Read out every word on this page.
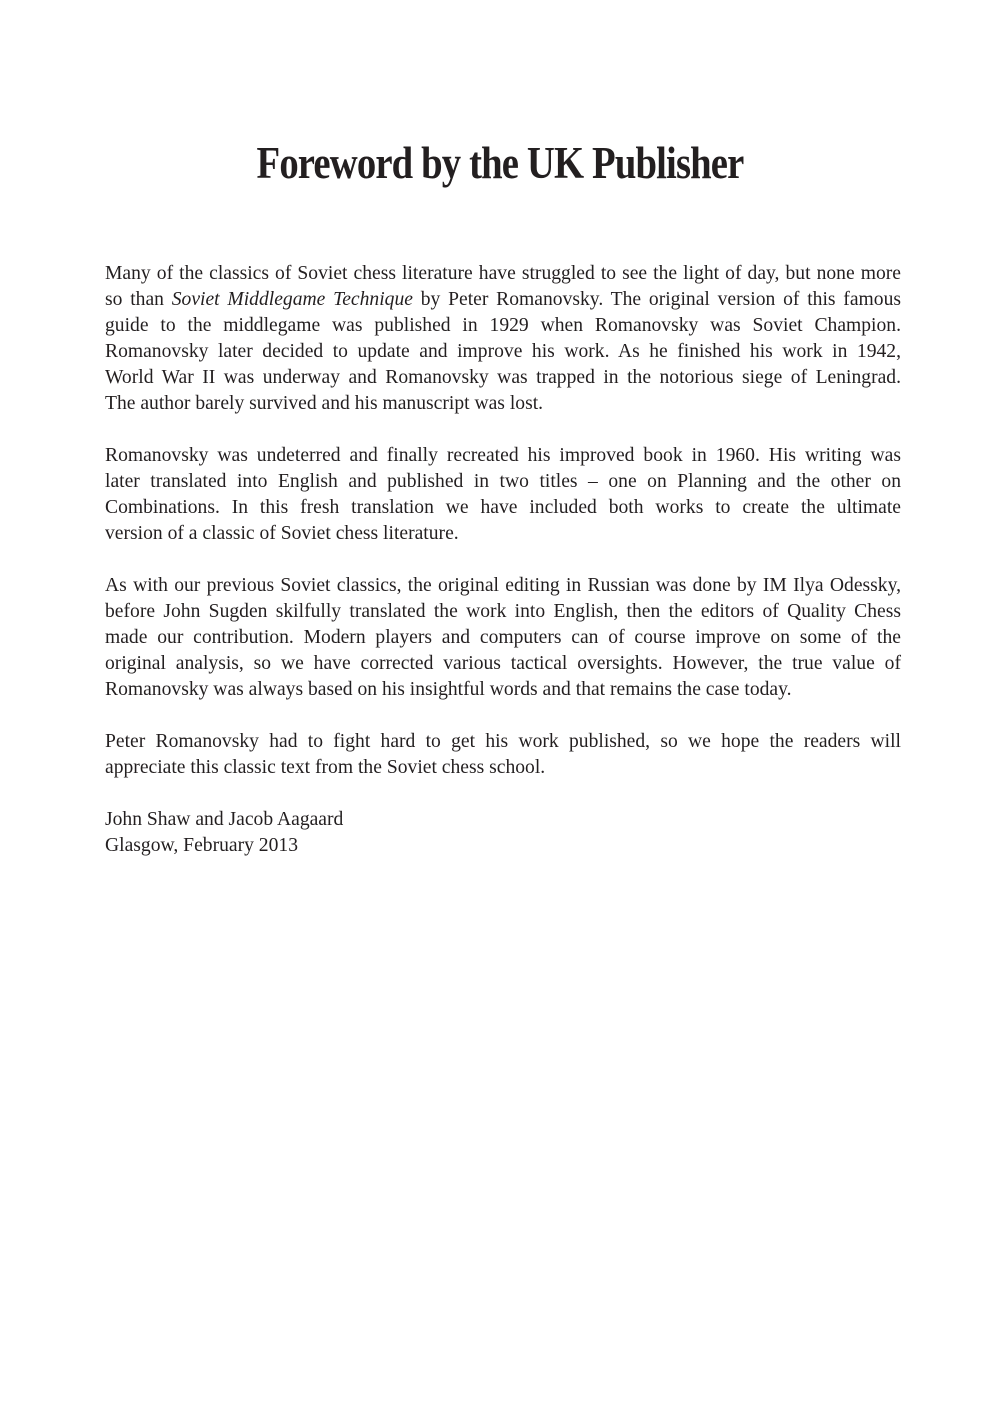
Foreword by the UK Publisher

Many of the classics of Soviet chess literature have struggled to see the light of day, but none more
so than Soviet Middlegame Technique by Peter Romanovsky. The original version of this famous
guide to the middlegame was published in 1929 when Romanovsky was Soviet Champion.
Romanovsky later decided to update and improve his work. As he finished his work in 1942,
World War II was underway and Romanovsky was trapped in the notorious siege of Leningrad.
The author barely survived and his manuscript was lost.

Romanovsky was undeterred and finally recreated his improved book in 1960. His writing was
later translated into English and published in two titles – one on Planning and the other on
Combinations. In this fresh translation we have included both works to create the ultimate
version of a classic of Soviet chess literature.

As with our previous Soviet classics, the original editing in Russian was done by IM Ilya Odessky,
before John Sugden skilfully translated the work into English, then the editors of Quality Chess
made our contribution. Modern players and computers can of course improve on some of the
original analysis, so we have corrected various tactical oversights. However, the true value of
Romanovsky was always based on his insightful words and that remains the case today.

Peter Romanovsky had to fight hard to get his work published, so we hope the readers will
appreciate this classic text from the Soviet chess school.

John Shaw and Jacob Aagaard
Glasgow, February 2013
